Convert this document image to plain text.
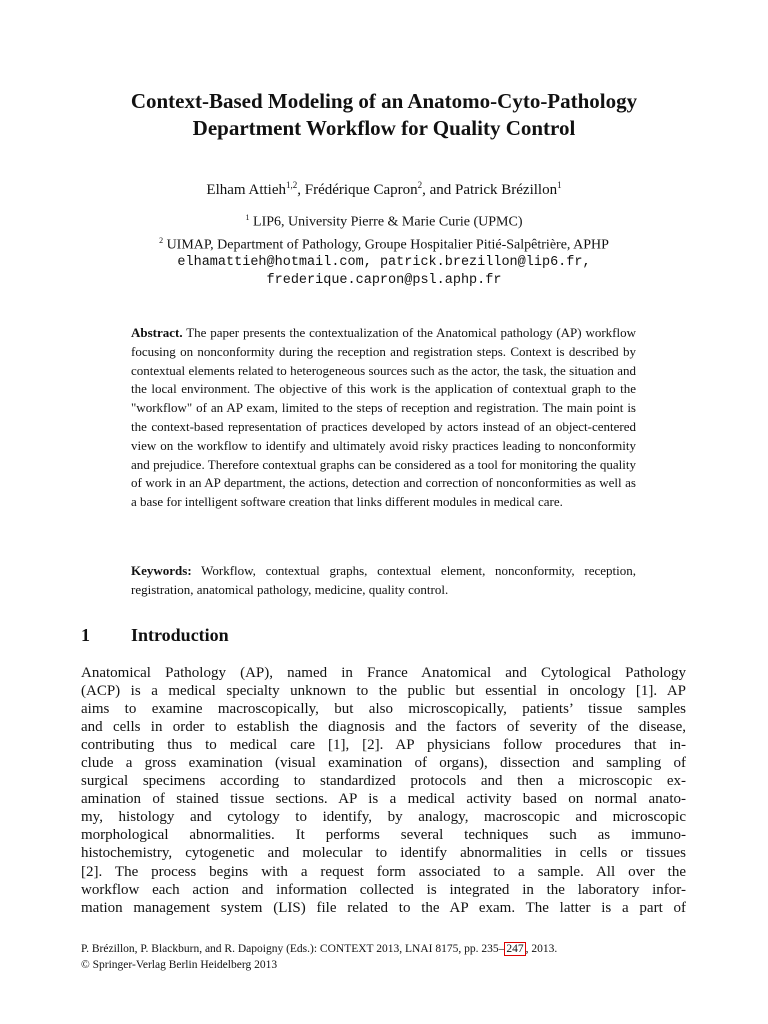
Context-Based Modeling of an Anatomo-Cyto-Pathology
Department Workflow for Quality Control
Elham Attieh$^{1,2}$, Frédérique Capron$^2$, and Patrick Brézillon$^1$
$^1$ LIP6, University Pierre & Marie Curie (UPMC)
$^2$ UIMAP, Department of Pathology, Groupe Hospitalier Pitié-Salpêtrière, APHP
elhamattieh@hotmail.com, patrick.brezillon@lip6.fr,
frederique.capron@psl.aphp.fr
Abstract. The paper presents the contextualization of the Anatomical pathology (AP) workflow focusing on nonconformity during the reception and registration steps. Context is described by contextual elements related to heterogeneous sources such as the actor, the task, the situation and the local environment. The objective of this work is the application of contextual graph to the "workflow" of an AP exam, limited to the steps of reception and registration. The main point is the context-based representation of practices developed by actors instead of an object-centered view on the workflow to identify and ultimately avoid risky practices leading to nonconformity and prejudice. Therefore contextual graphs can be considered as a tool for monitoring the quality of work in an AP department, the actions, detection and correction of nonconformities as well as a base for intelligent software creation that links different modules in medical care.
Keywords: Workflow, contextual graphs, contextual element, nonconformity, reception, registration, anatomical pathology, medicine, quality control.
1 Introduction
Anatomical Pathology (AP), named in France Anatomical and Cytological Pathology
(ACP) is a medical specialty unknown to the public but essential in oncology [1]. AP
aims to examine macroscopically, but also microscopically, patients’ tissue samples
and cells in order to establish the diagnosis and the factors of severity of the disease,
contributing thus to medical care [1], [2]. AP physicians follow procedures that in-
clude a gross examination (visual examination of organs), dissection and sampling of
surgical specimens according to standardized protocols and then a microscopic ex-
amination of stained tissue sections. AP is a medical activity based on normal anato-
my, histology and cytology to identify, by analogy, macroscopic and microscopic
morphological abnormalities. It performs several techniques such as immuno-
histochemistry, cytogenetic and molecular to identify abnormalities in cells or tissues
[2]. The process begins with a request form associated to a sample. All over the
workflow each action and information collected is integrated in the laboratory infor-
mation management system (LIS) file related to the AP exam. The latter is a part of
P. Brézillon, P. Blackburn, and R. Dapoigny (Eds.): CONTEXT 2013, LNAI 8175, pp. 235– 247 , 2013.
© Springer-Verlag Berlin Heidelberg 2013
